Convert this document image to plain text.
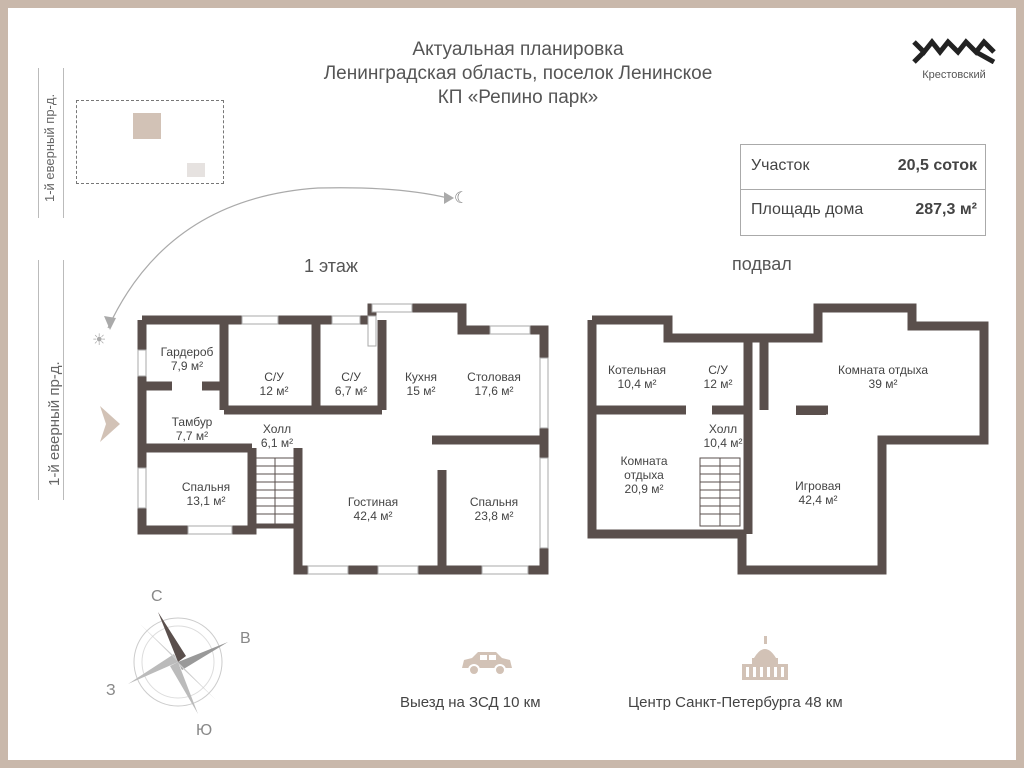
Актуальная планировка
Ленинградская область, поселок Ленинское
КП «Репино парк»
Крестовский
Участок	20,5 соток
Площадь дома	287,3 м²
1-й еверный пр-д.
1-й еверный пр-д.
☀
☾
1 этаж	подвал
Гардероб
7,9 м²
С/У
12 м²
С/У
6,7 м²
Кухня
15 м²
Столовая
17,6 м²
Тамбур
7,7 м²	Холл
6,1 м²
Спальня
13,1 м²	Гостиная
42,4 м²
Спальня
23,8 м²
Котельная
10,4 м²
С/У
12 м²
Комната отдыха
39 м²
Холл
10,4 м²
Комната отдыха
20,9 м²	Игровая
42,4 м²
С
В
Ю
З
Выезд на ЗСД 10 км	Центр Санкт-Петербурга 48 км
